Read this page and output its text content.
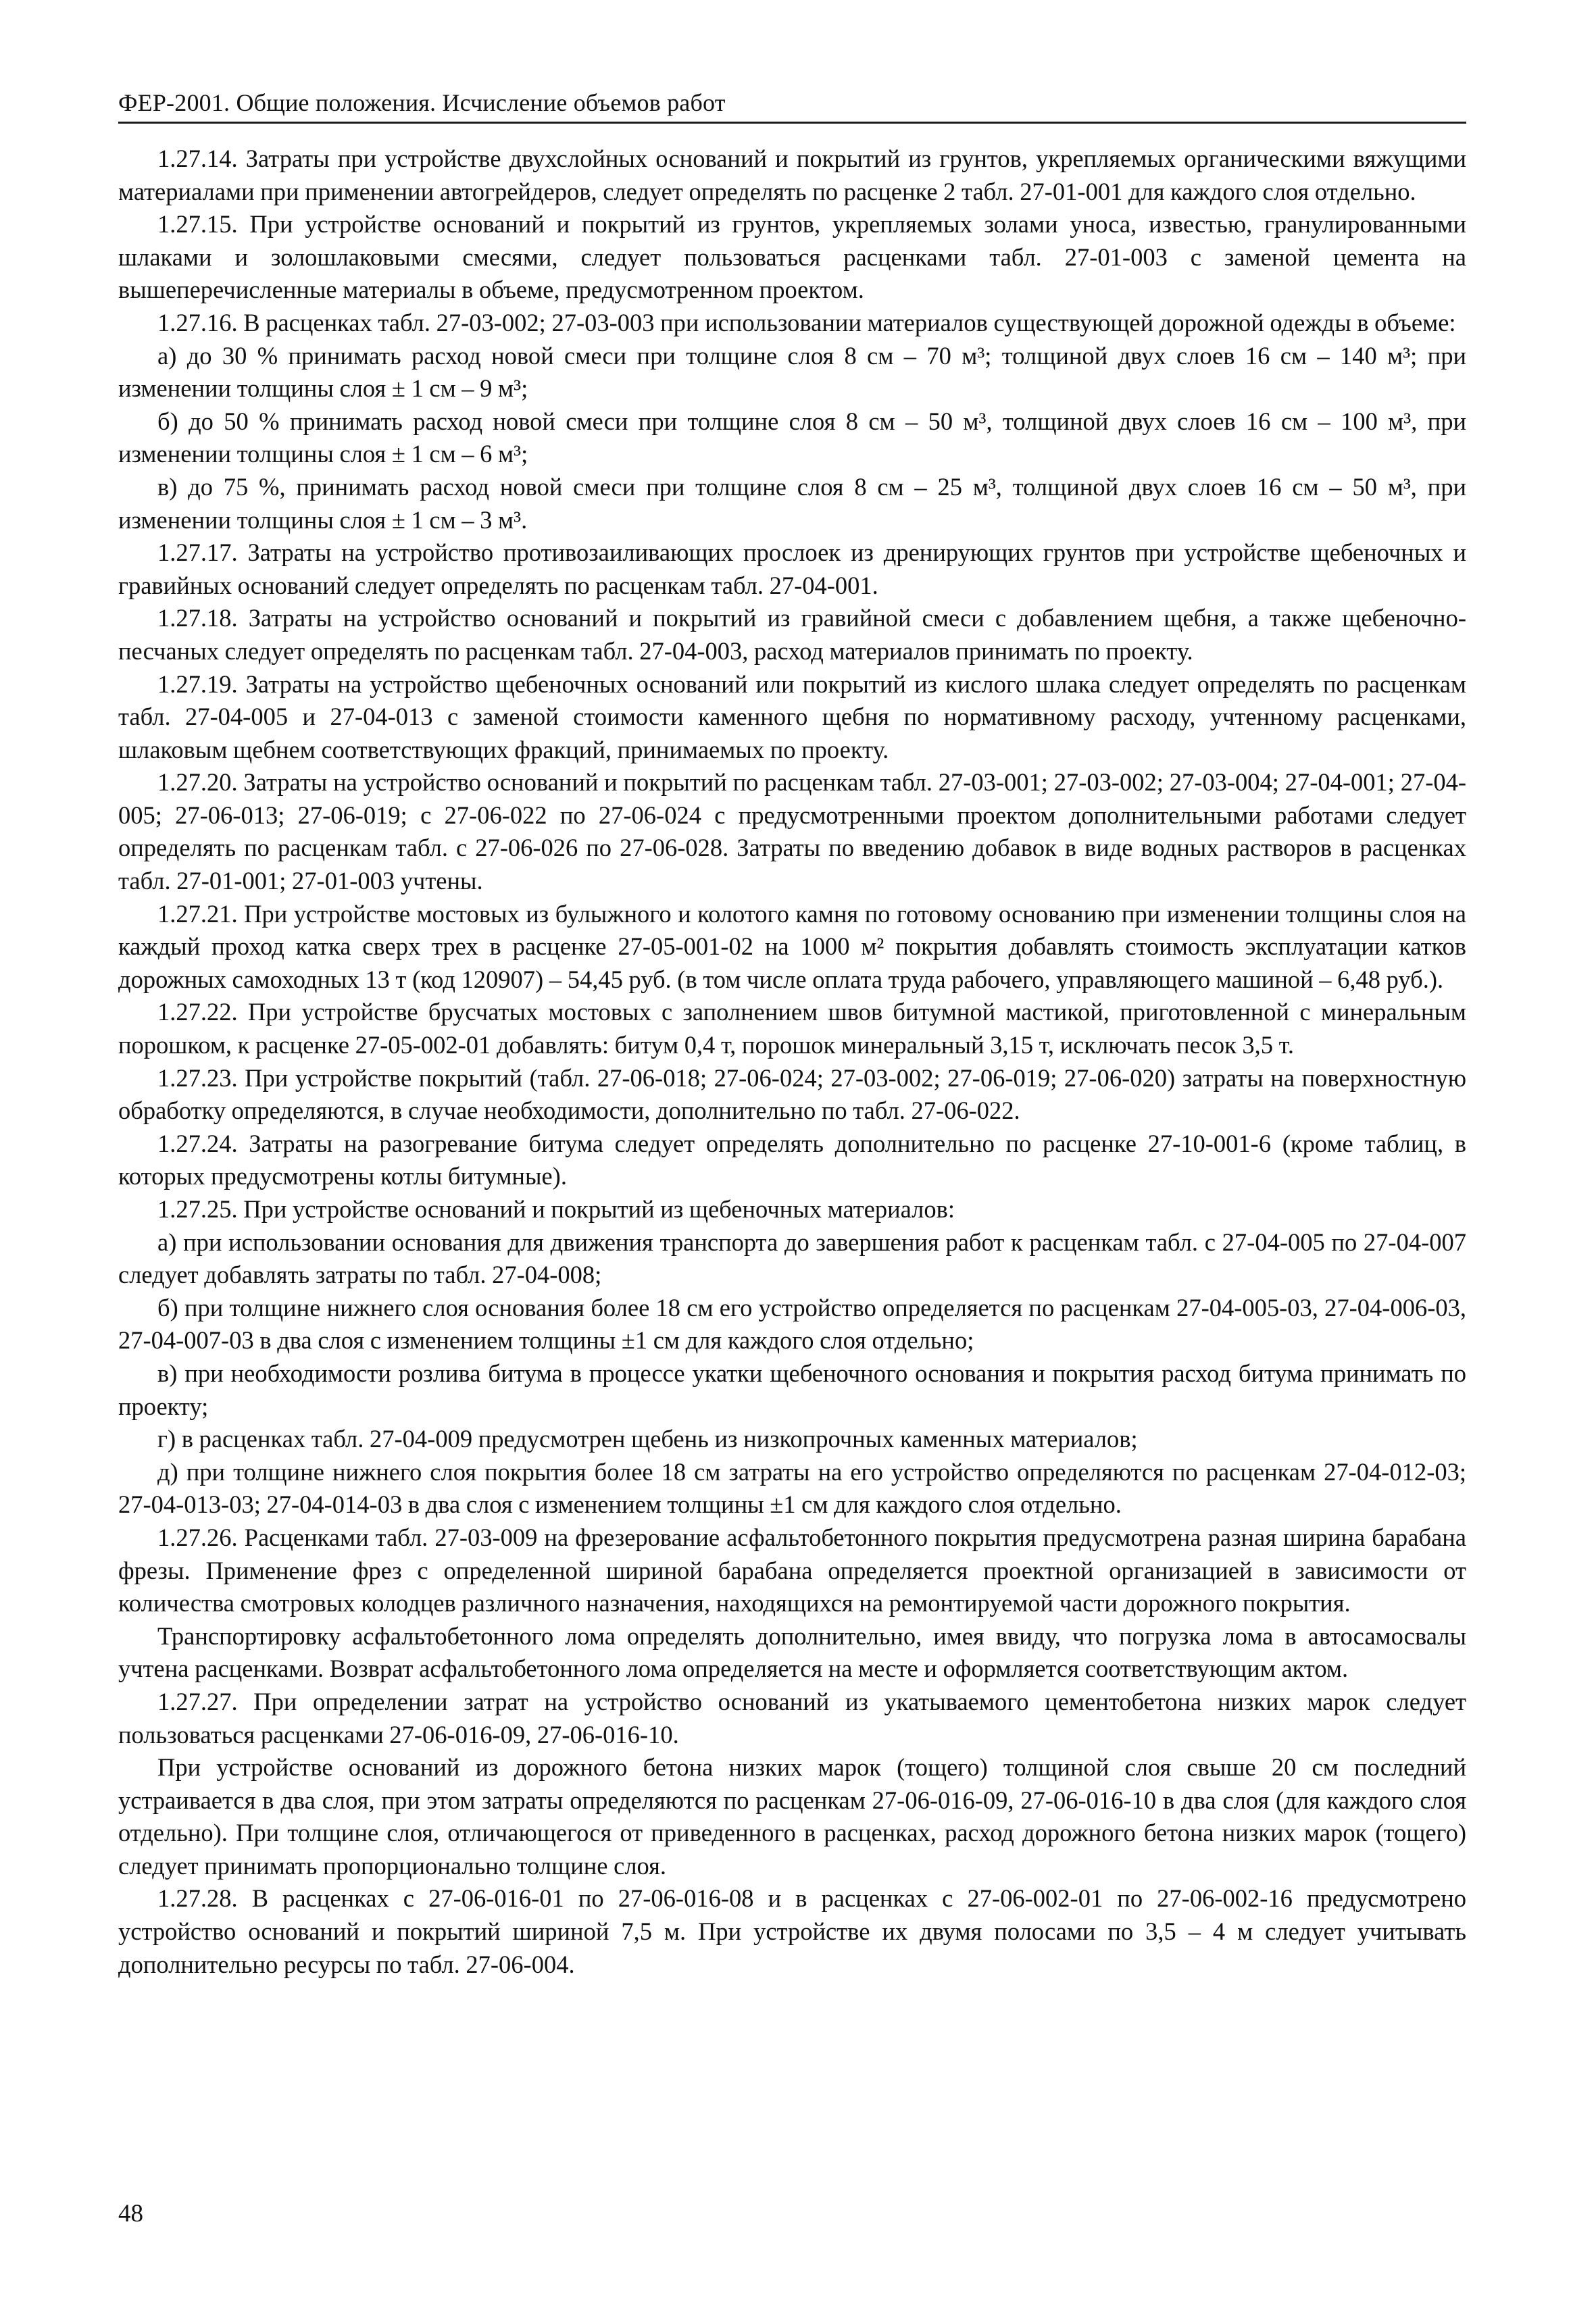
ФЕР-2001. Общие положения. Исчисление объемов работ

1.27.14. Затраты при устройстве двухслойных оснований и покрытий из грунтов, укрепляемых органическими вяжущими материалами при применении автогрейдеров, следует определять по расценке 2 табл. 27-01-001 для каждого слоя отдельно.

1.27.15. При устройстве оснований и покрытий из грунтов, укрепляемых золами уноса, известью, гранулированными шлаками и золошлаковыми смесями, следует пользоваться расценками табл. 27-01-003 с заменой цемента на вышеперечисленные материалы в объеме, предусмотренном проектом.

1.27.16. В расценках табл. 27-03-002; 27-03-003 при использовании материалов существующей дорожной одежды в объеме:

а) до 30 % принимать расход новой смеси при толщине слоя 8 см – 70 м³; толщиной двух слоев 16 см – 140 м³; при изменении толщины слоя ± 1 см – 9 м³;

б) до 50 % принимать расход новой смеси при толщине слоя 8 см – 50 м³, толщиной двух слоев 16 см – 100 м³, при изменении толщины слоя ± 1 см – 6 м³;

в) до 75 %, принимать расход новой смеси при толщине слоя 8 см – 25 м³, толщиной двух слоев 16 см – 50 м³, при изменении толщины слоя ± 1 см – 3 м³.

1.27.17. Затраты на устройство противозаиливающих прослоек из дренирующих грунтов при устройстве щебеночных и гравийных оснований следует определять по расценкам табл. 27-04-001.

1.27.18. Затраты на устройство оснований и покрытий из гравийной смеси с добавлением щебня, а также щебеночно-песчаных следует определять по расценкам табл. 27-04-003, расход материалов принимать по проекту.

1.27.19. Затраты на устройство щебеночных оснований или покрытий из кислого шлака следует определять по расценкам табл. 27-04-005 и 27-04-013 с заменой стоимости каменного щебня по нормативному расходу, учтенному расценками, шлаковым щебнем соответствующих фракций, принимаемых по проекту.

1.27.20. Затраты на устройство оснований и покрытий по расценкам табл. 27-03-001; 27-03-002; 27-03-004; 27-04-001; 27-04-005; 27-06-013; 27-06-019; с 27-06-022 по 27-06-024 с предусмотренными проектом дополнительными работами следует определять по расценкам табл. с 27-06-026 по 27-06-028. Затраты по введению добавок в виде водных растворов в расценках табл. 27-01-001; 27-01-003 учтены.

1.27.21. При устройстве мостовых из булыжного и колотого камня по готовому основанию при изменении толщины слоя на каждый проход катка сверх трех в расценке 27-05-001-02 на 1000 м² покрытия добавлять стоимость эксплуатации катков дорожных самоходных 13 т (код 120907) – 54,45 руб. (в том числе оплата труда рабочего, управляющего машиной – 6,48 руб.).

1.27.22. При устройстве брусчатых мостовых с заполнением швов битумной мастикой, приготовленной с минеральным порошком, к расценке 27-05-002-01 добавлять: битум 0,4 т, порошок минеральный 3,15 т, исключать песок 3,5 т.

1.27.23. При устройстве покрытий (табл. 27-06-018; 27-06-024; 27-03-002; 27-06-019; 27-06-020) затраты на поверхностную обработку определяются, в случае необходимости, дополнительно по табл. 27-06-022.

1.27.24. Затраты на разогревание битума следует определять дополнительно по расценке 27-10-001-6 (кроме таблиц, в которых предусмотрены котлы битумные).

1.27.25. При устройстве оснований и покрытий из щебеночных материалов:

а) при использовании основания для движения транспорта до завершения работ к расценкам табл. с 27-04-005 по 27-04-007 следует добавлять затраты по табл. 27-04-008;

б) при толщине нижнего слоя основания более 18 см его устройство определяется по расценкам 27-04-005-03, 27-04-006-03, 27-04-007-03 в два слоя с изменением толщины ±1 см для каждого слоя отдельно;

в) при необходимости розлива битума в процессе укатки щебеночного основания и покрытия расход битума принимать по проекту;

г) в расценках табл. 27-04-009 предусмотрен щебень из низкопрочных каменных материалов;

д) при толщине нижнего слоя покрытия более 18 см затраты на его устройство определяются по расценкам 27-04-012-03; 27-04-013-03; 27-04-014-03 в два слоя с изменением толщины ±1 см для каждого слоя отдельно.

1.27.26. Расценками табл. 27-03-009 на фрезерование асфальтобетонного покрытия предусмотрена разная ширина барабана фрезы. Применение фрез с определенной шириной барабана определяется проектной организацией в зависимости от количества смотровых колодцев различного назначения, находящихся на ремонтируемой части дорожного покрытия.

Транспортировку асфальтобетонного лома определять дополнительно, имея ввиду, что погрузка лома в автосамосвалы учтена расценками. Возврат асфальтобетонного лома определяется на месте и оформляется соответствующим актом.

1.27.27. При определении затрат на устройство оснований из укатываемого цементобетона низких марок следует пользоваться расценками 27-06-016-09, 27-06-016-10.

При устройстве оснований из дорожного бетона низких марок (тощего) толщиной слоя свыше 20 см последний устраивается в два слоя, при этом затраты определяются по расценкам 27-06-016-09, 27-06-016-10 в два слоя (для каждого слоя отдельно). При толщине слоя, отличающегося от приведенного в расценках, расход дорожного бетона низких марок (тощего) следует принимать пропорционально толщине слоя.

1.27.28. В расценках с 27-06-016-01 по 27-06-016-08 и в расценках с 27-06-002-01 по 27-06-002-16 предусмотрено устройство оснований и покрытий шириной 7,5 м. При устройстве их двумя полосами по 3,5 – 4 м следует учитывать дополнительно ресурсы по табл. 27-06-004.

48
